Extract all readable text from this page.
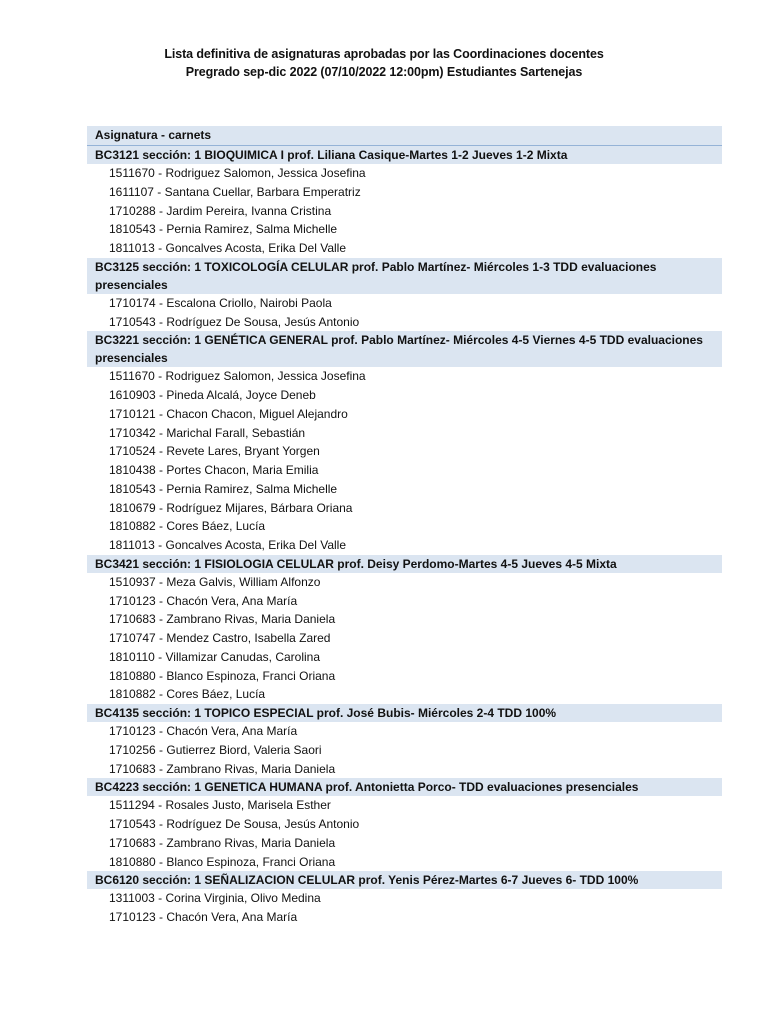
Lista definitiva de asignaturas aprobadas por las Coordinaciones docentes
Pregrado sep-dic 2022 (07/10/2022 12:00pm) Estudiantes Sartenejas
Asignatura - carnets
BC3121 sección: 1 BIOQUIMICA I prof. Liliana Casique-Martes 1-2 Jueves 1-2 Mixta
1511670 - Rodriguez Salomon, Jessica Josefina
1611107 - Santana Cuellar, Barbara Emperatriz
1710288 - Jardim Pereira, Ivanna Cristina
1810543 - Pernia Ramirez, Salma Michelle
1811013 - Goncalves Acosta, Erika Del Valle
BC3125 sección: 1 TOXICOLOGÍA CELULAR prof. Pablo Martínez- Miércoles 1-3 TDD evaluaciones presenciales
1710174 - Escalona Criollo, Nairobi Paola
1710543 - Rodríguez De Sousa, Jesús Antonio
BC3221 sección: 1 GENÉTICA GENERAL prof. Pablo Martínez- Miércoles 4-5 Viernes 4-5 TDD evaluaciones presenciales
1511670 - Rodriguez Salomon, Jessica Josefina
1610903 - Pineda Alcalá, Joyce Deneb
1710121 - Chacon Chacon, Miguel Alejandro
1710342 - Marichal Farall, Sebastián
1710524 - Revete Lares, Bryant Yorgen
1810438 - Portes Chacon, Maria Emilia
1810543 - Pernia Ramirez, Salma Michelle
1810679 - Rodríguez Mijares, Bárbara Oriana
1810882 - Cores Báez, Lucía
1811013 - Goncalves Acosta, Erika Del Valle
BC3421 sección: 1 FISIOLOGIA CELULAR prof. Deisy Perdomo-Martes 4-5 Jueves 4-5 Mixta
1510937 - Meza Galvis, William Alfonzo
1710123 - Chacón Vera, Ana María
1710683 - Zambrano Rivas, Maria Daniela
1710747 - Mendez Castro, Isabella Zared
1810110 - Villamizar Canudas, Carolina
1810880 - Blanco Espinoza, Franci Oriana
1810882 - Cores Báez, Lucía
BC4135 sección: 1 TOPICO ESPECIAL prof. José Bubis- Miércoles 2-4 TDD 100%
1710123 - Chacón Vera, Ana María
1710256 - Gutierrez Biord, Valeria Saori
1710683 - Zambrano Rivas, Maria Daniela
BC4223 sección: 1 GENETICA HUMANA prof. Antonietta Porco- TDD evaluaciones presenciales
1511294 - Rosales Justo, Marisela Esther
1710543 - Rodríguez De Sousa, Jesús Antonio
1710683 - Zambrano Rivas, Maria Daniela
1810880 - Blanco Espinoza, Franci Oriana
BC6120 sección: 1 SEÑALIZACION CELULAR prof. Yenis Pérez-Martes 6-7 Jueves 6- TDD 100%
1311003 - Corina Virginia, Olivo Medina
1710123 - Chacón Vera, Ana María
